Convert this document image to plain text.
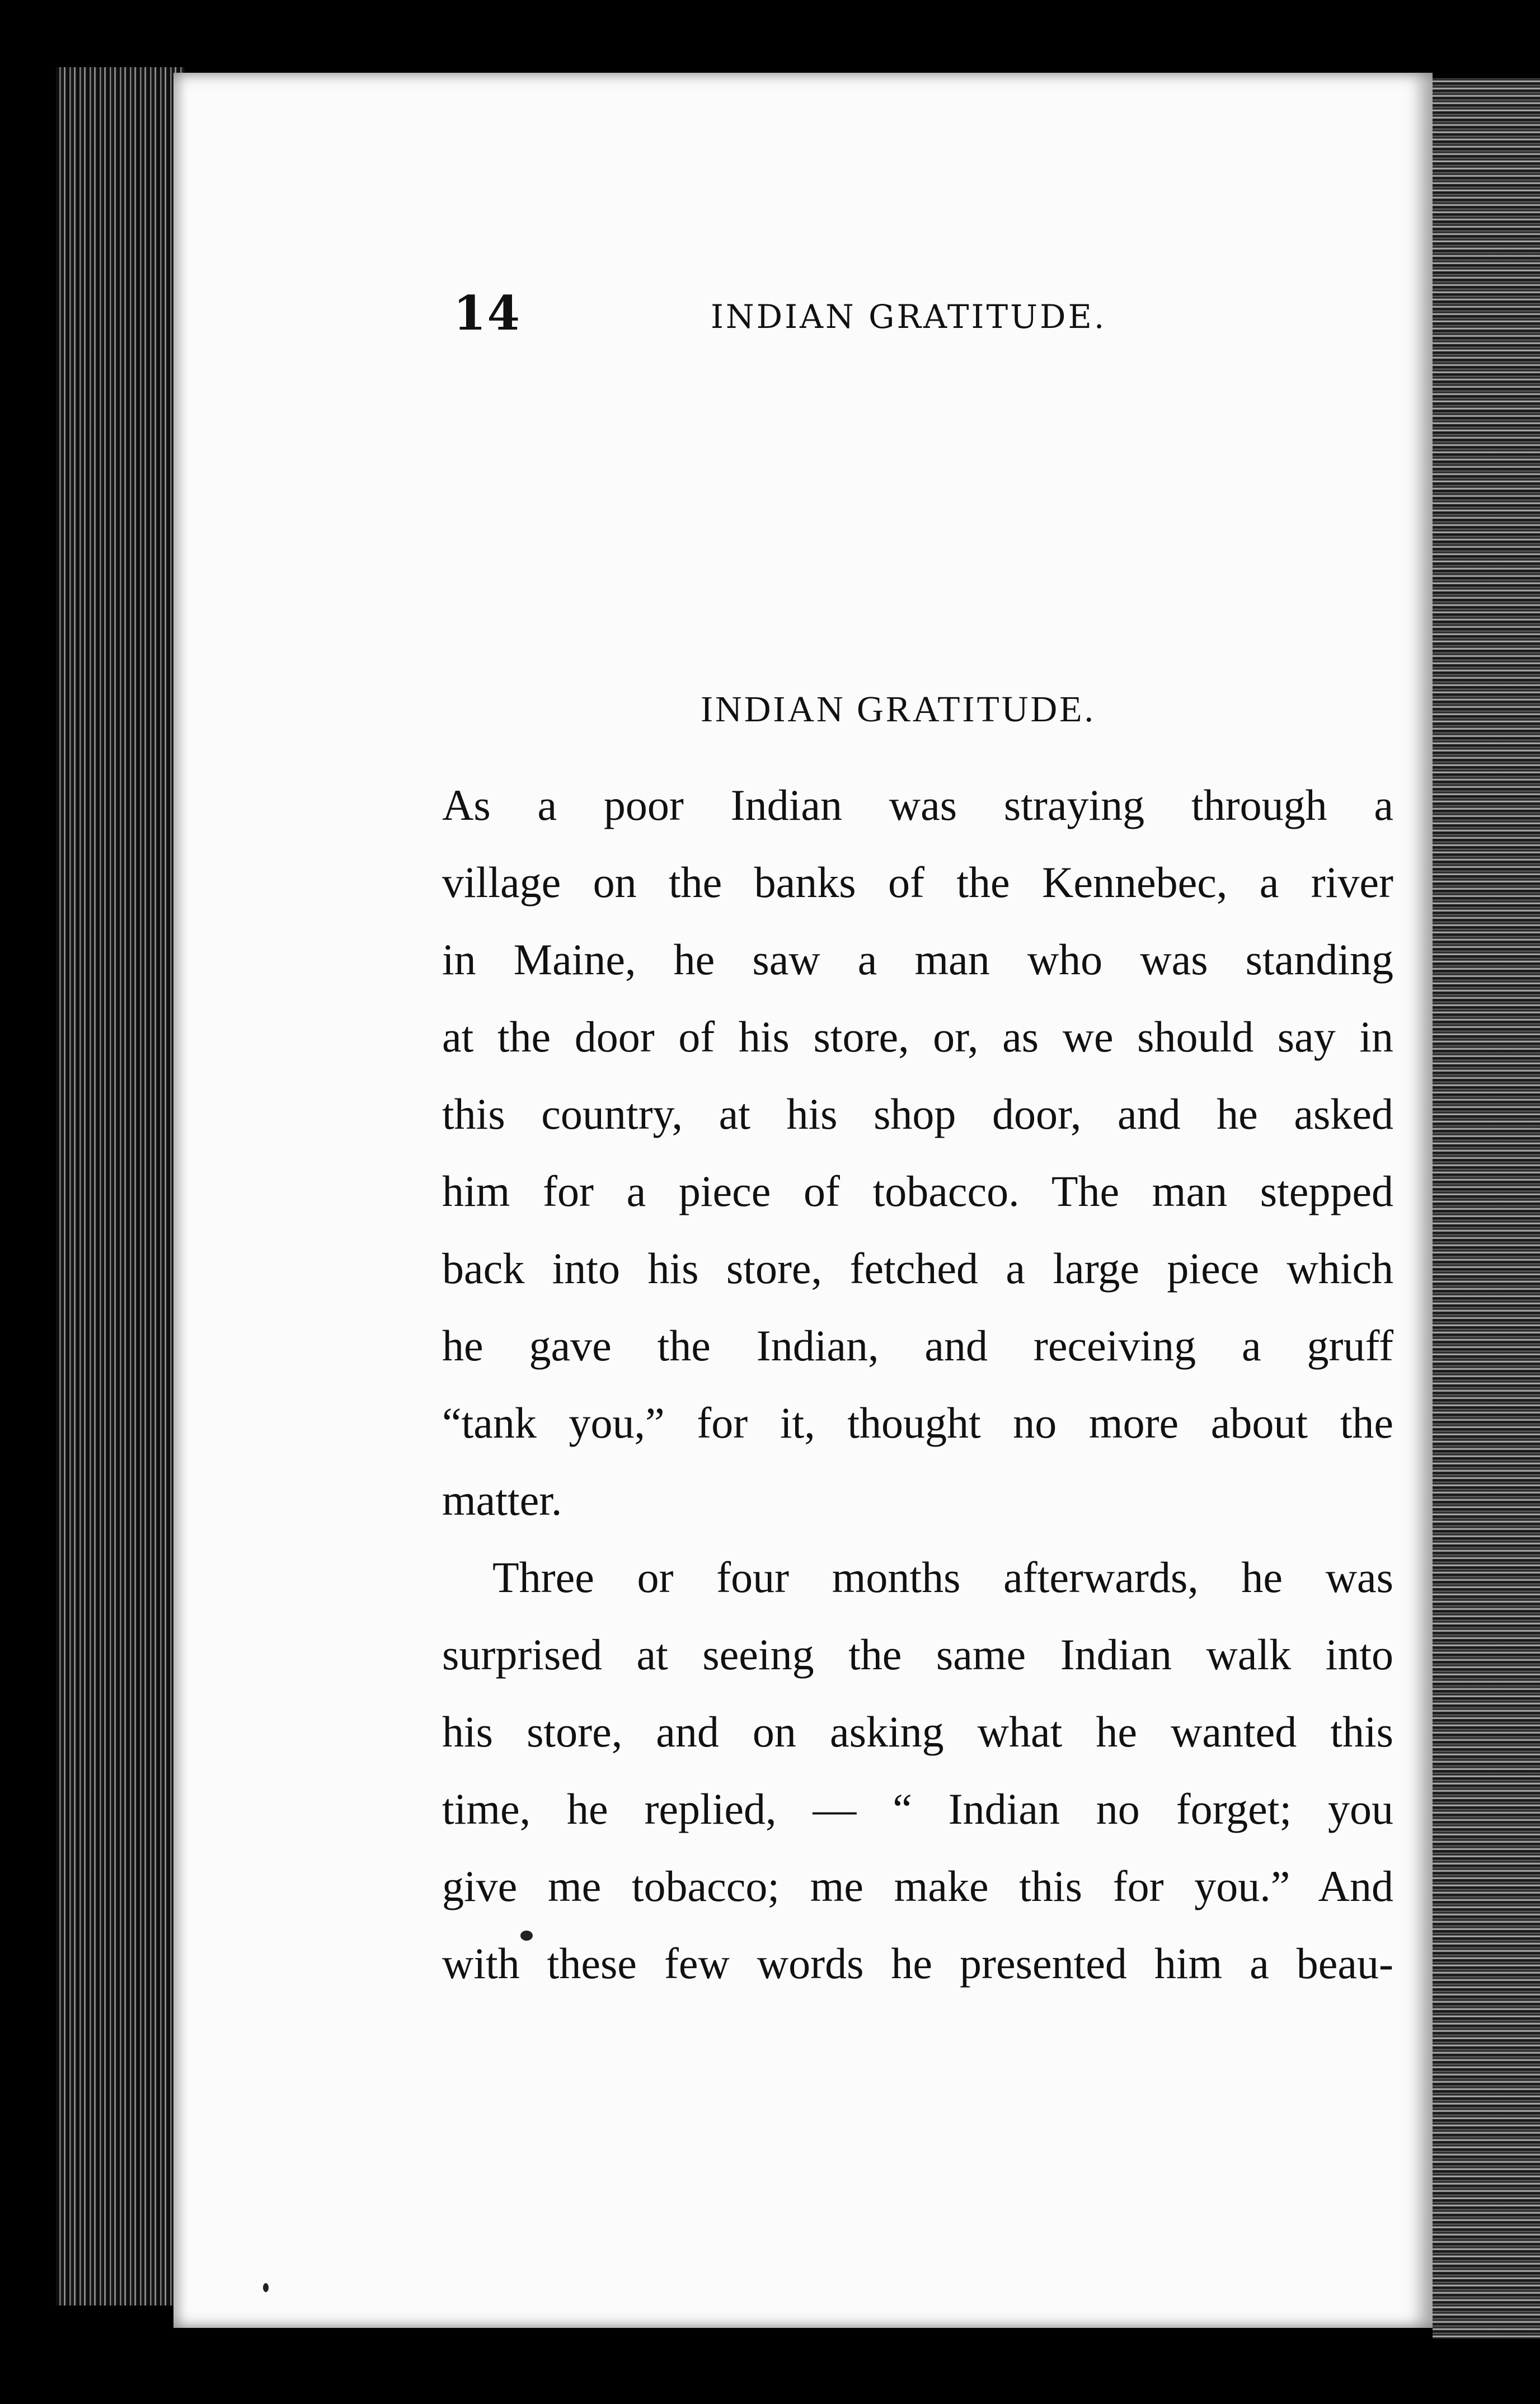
14	INDIAN GRATITUDE.
INDIAN GRATITUDE.
As a poor Indian was straying through a
village on the banks of the Kennebec, a river
in Maine, he saw a man who was standing
at the door of his store, or, as we should say in
this country, at his shop door, and he asked
him for a piece of tobacco. The man stepped
back into his store, fetched a large piece which
he gave the Indian, and receiving a gruff
“tank you,” for it, thought no more about the
matter.
Three or four months afterwards, he was
surprised at seeing the same Indian walk into
his store, and on asking what he wanted this
time, he replied, — “ Indian no forget; you
give me tobacco; me make this for you.” And
with these few words he presented him a beau-
